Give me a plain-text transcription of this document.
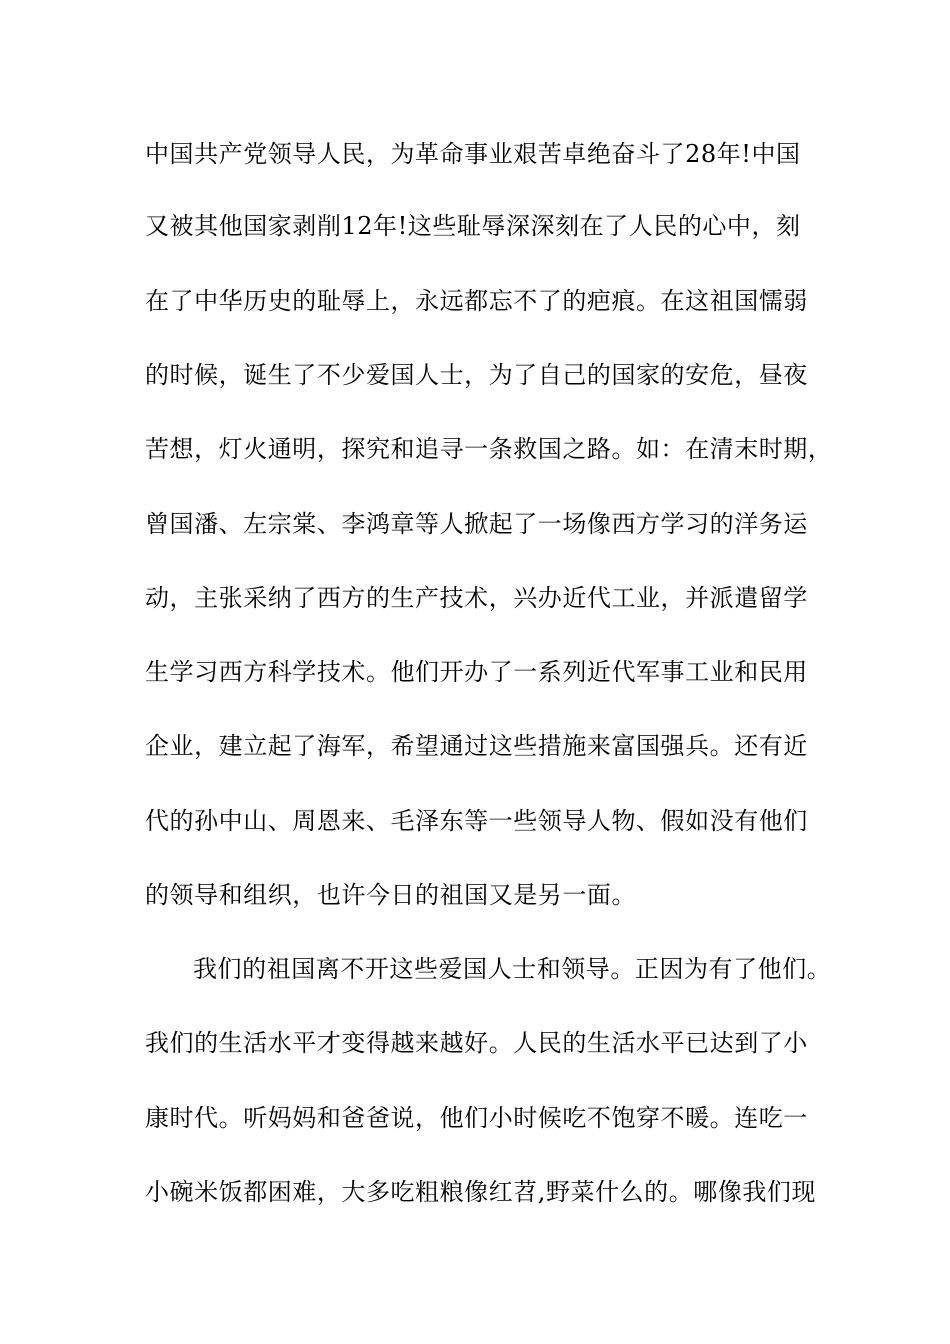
中国共产党领导人民，为革命事业艰苦卓绝奋斗了28年!中国
又被其他国家剥削12年!这些耻辱深深刻在了人民的心中，刻
在了中华历史的耻辱上，永远都忘不了的疤痕。在这祖国懦弱
的时候，诞生了不少爱国人士，为了自己的国家的安危，昼夜
苦想，灯火通明，探究和追寻一条救国之路。如：在清末时期，
曾国潘、左宗棠、李鸿章等人掀起了一场像西方学习的洋务运
动，主张采纳了西方的生产技术，兴办近代工业，并派遣留学
生学习西方科学技术。他们开办了一系列近代军事工业和民用
企业，建立起了海军，希望通过这些措施来富国强兵。还有近
代的孙中山、周恩来、毛泽东等一些领导人物、假如没有他们
的领导和组织，也许今日的祖国又是另一面。
我们的祖国离不开这些爱国人士和领导。正因为有了他们。
我们的生活水平才变得越来越好。人民的生活水平已达到了小
康时代。听妈妈和爸爸说，他们小时候吃不饱穿不暖。连吃一
小碗米饭都困难，大多吃粗粮像红苕,野菜什么的。哪像我们现
